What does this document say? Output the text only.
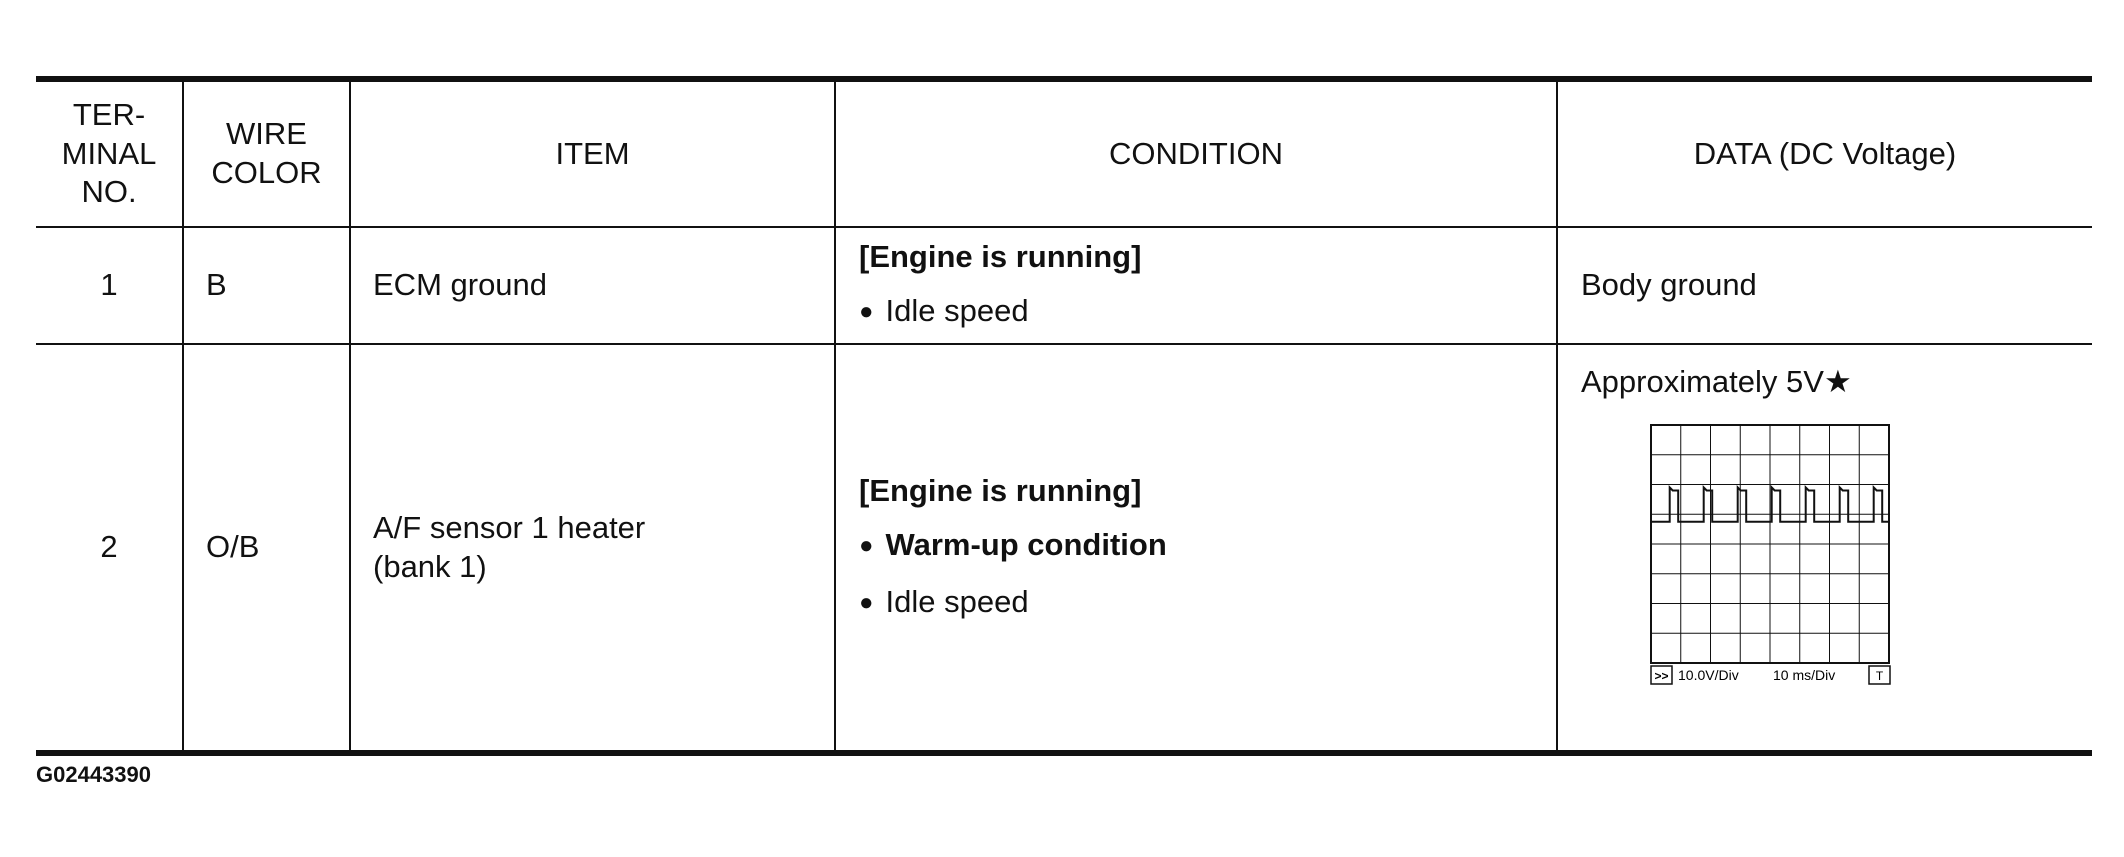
TER-
MINAL
NO.	WIRE
COLOR	ITEM	CONDITION	DATA (DC Voltage)
1	B	ECM ground	[Engine is running]
● Idle speed	Body ground
2	O/B	A/F sensor 1 heater
(bank 1)	[Engine is running]
● Warm-up condition
● Idle speed	Approximately 5V★
>> 10.0V/Div 10 ms/Div T
G02443390
